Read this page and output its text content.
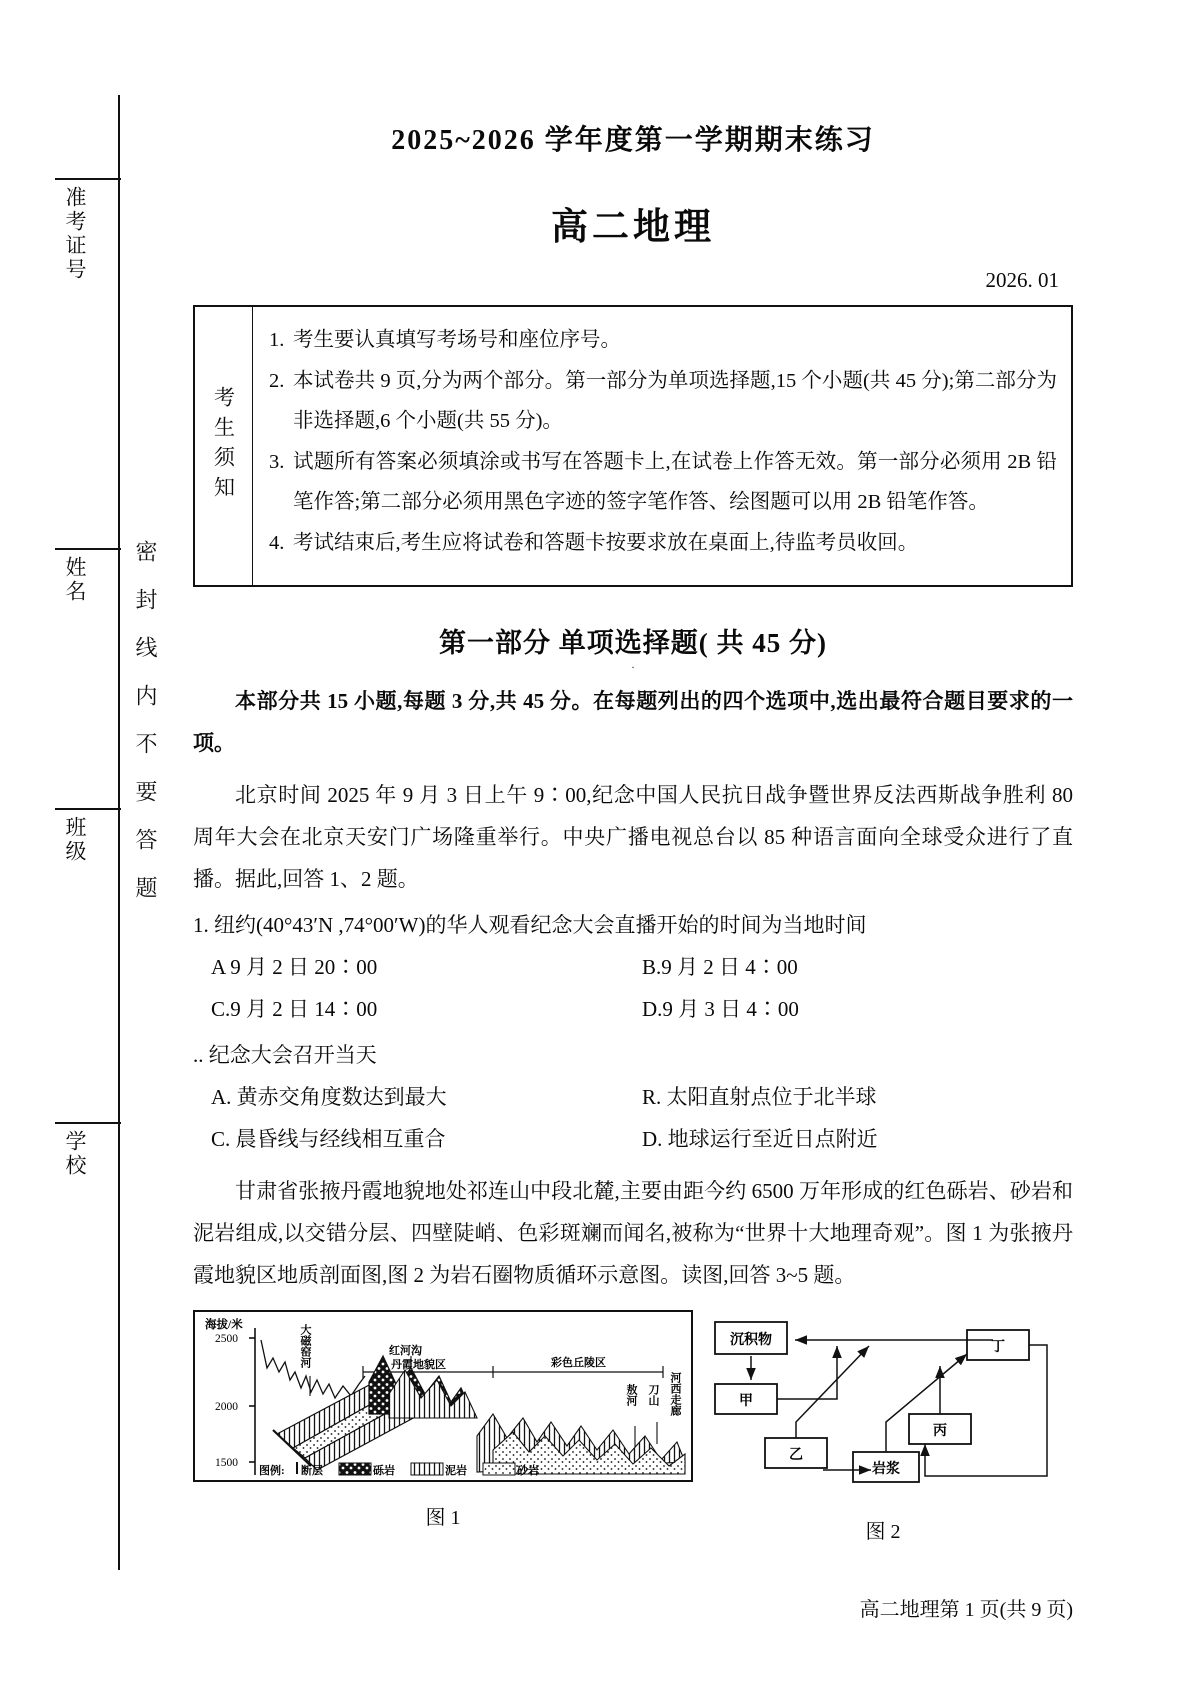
准考证号
姓名
班级
学校
密封线内不要答题
2025~2026 学年度第一学期期末练习
高二地理
2026. 01
考生须知
1. 考生要认真填写考场号和座位序号。
2. 本试卷共 9 页,分为两个部分。第一部分为单项选择题,15 个小题(共 45 分);第二部分为非选择题,6 个小题(共 55 分)。
3. 试题所有答案必须填涂或书写在答题卡上,在试卷上作答无效。第一部分必须用 2B 铅笔作答;第二部分必须用黑色字迹的签字笔作答、绘图题可以用 2B 铅笔作答。
4. 考试结束后,考生应将试卷和答题卡按要求放在桌面上,待监考员收回。
第一部分 单项选择题( 共 45 分)
.
本部分共 15 小题,每题 3 分,共 45 分。在每题列出的四个选项中,选出最符合题目要求的一项。
北京时间 2025 年 9 月 3 日上午 9∶00,纪念中国人民抗日战争暨世界反法西斯战争胜利 80 周年大会在北京天安门广场隆重举行。中央广播电视总台以 85 种语言面向全球受众进行了直播。据此,回答 1、2 题。
1. 纽约(40°43′N ,74°00′W)的华人观看纪念大会直播开始的时间为当地时间
A 9 月 2 日 20∶00	B.9 月 2 日 4∶00
C.9 月 2 日 14∶00	D.9 月 3 日 4∶00
.. 纪念大会召开当天
A. 黄赤交角度数达到最大	R. 太阳直射点位于北半球
C. 晨昏线与经线相互重合	D. 地球运行至近日点附近
甘肃省张掖丹霞地貌地处祁连山中段北麓,主要由距今约 6500 万年形成的红色砾岩、砂岩和泥岩组成,以交错分层、四壁陡峭、色彩斑斓而闻名,被称为“世界十大地理奇观”。图 1 为张掖丹霞地貌区地质剖面图,图 2 为岩石圈物质循环示意图。读图,回答 3~5 题。
海拔/米
2500
2000
1500
丹霞地貌区	彩色丘陵区
红河沟
大磁窑河
敖河 刀山 河西走廊
图例: 断层	砾岩	泥岩	砂岩
图 1
沉积物
甲
乙
丙
丁
岩浆
图 2
高二地理第 1 页(共 9 页)
